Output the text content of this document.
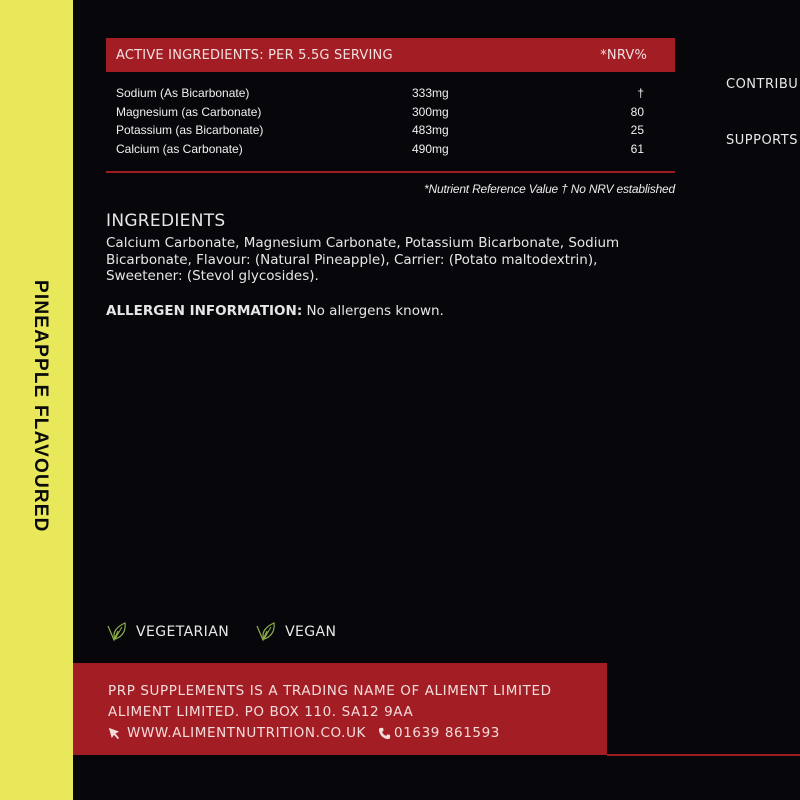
PINEAPPLE FLAVOURED
ACTIVE INGREDIENTS: PER 5.5G SERVING	*NRV%
Sodium (As Bicarbonate)	333mg	†
Magnesium (as Carbonate)	300mg	80
Potassium (as Bicarbonate)	483mg	25
Calcium (as Carbonate)	490mg	61
*Nutrient Reference Value † No NRV established
CONTRIBU
SUPPORTS
INGREDIENTS
Calcium Carbonate, Magnesium Carbonate, Potassium Bicarbonate, Sodium Bicarbonate, Flavour: (Natural Pineapple), Carrier: (Potato maltodextrin), Sweetener: (Stevol glycosides).
ALLERGEN INFORMATION: No allergens known.
VEGETARIAN	VEGAN
PRP SUPPLEMENTS IS A TRADING NAME OF ALIMENT LIMITED
ALIMENT LIMITED. PO BOX 110. SA12 9AA
WWW.ALIMENTNUTRITION.CO.UK 01639 861593
